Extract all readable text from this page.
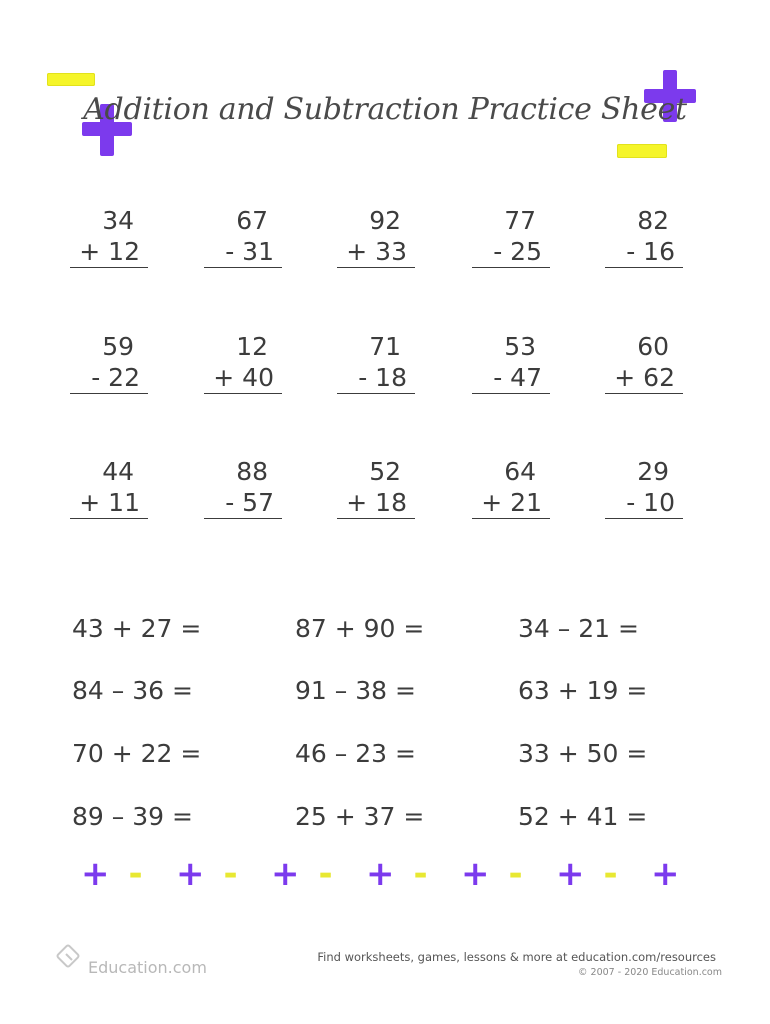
Addition and Subtraction Practice Sheet
34
+ 12
67
- 31
92
+ 33
77
- 25
82
- 16
59
- 22
12
+ 40
71
- 18
53
- 47
60
+ 62
44
+ 11
88
- 57
52
+ 18
64
+ 21
29
- 10
43 + 27 =	87 + 90 =	34 – 21 =
84 – 36 =	91 – 38 =	63 + 19 =
70 + 22 =	46 – 23 =	33 + 50 =
89 – 39 =	25 + 37 =	52 + 41 =
+ - + - + - + - + - + - +
Education.com
Find worksheets, games, lessons & more at education.com/resources
© 2007 - 2020 Education.com
